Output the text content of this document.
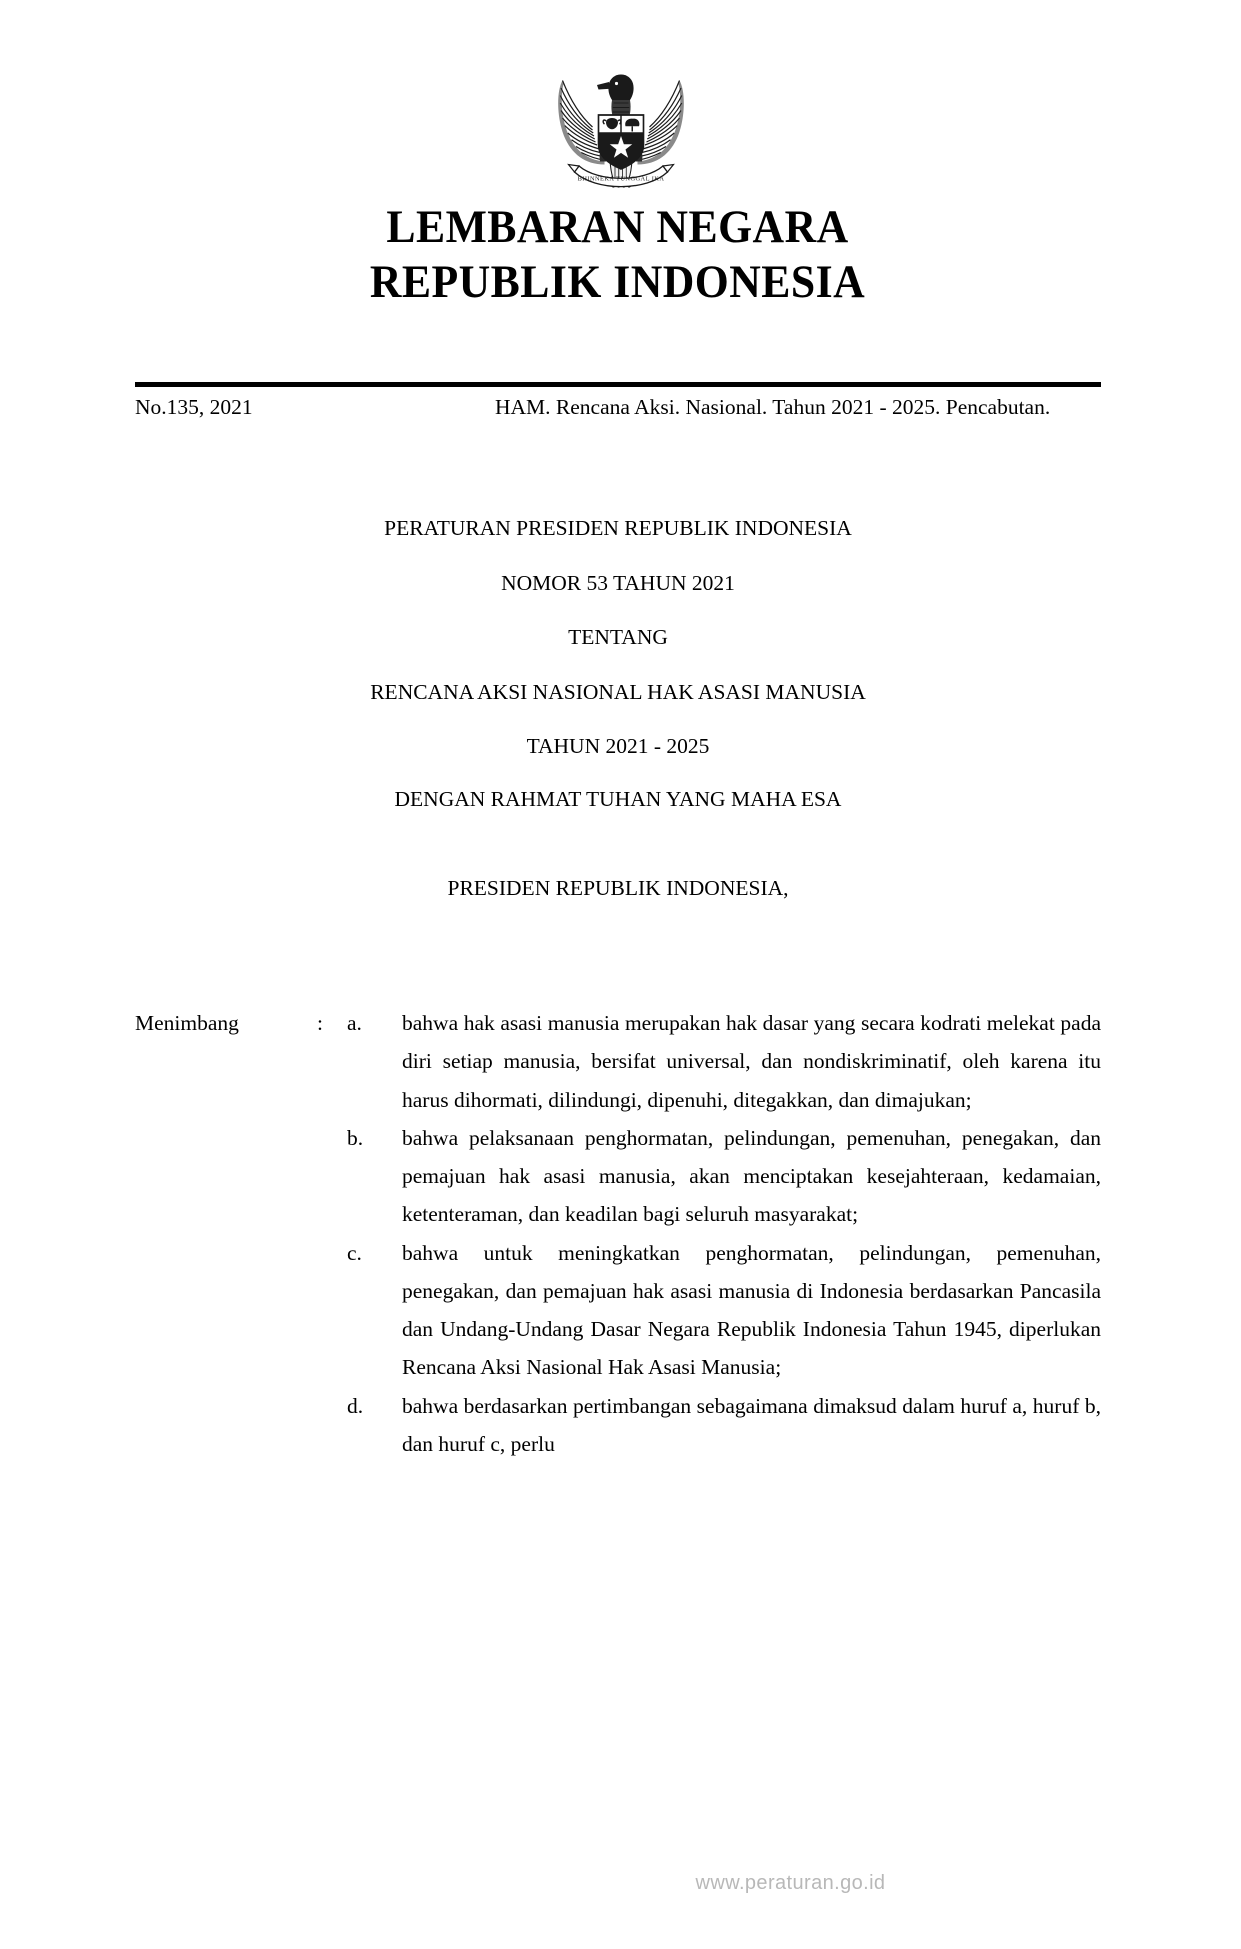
BHINNEKA TUNGGAL IKA
LEMBARAN NEGARA
REPUBLIK INDONESIA
No.135, 2021	HAM. Rencana Aksi. Nasional. Tahun 2021 - 2025. Pencabutan.
PERATURAN PRESIDEN REPUBLIK INDONESIA
NOMOR 53 TAHUN 2021
TENTANG
RENCANA AKSI NASIONAL HAK ASASI MANUSIA
TAHUN 2021 - 2025
DENGAN RAHMAT TUHAN YANG MAHA ESA
PRESIDEN REPUBLIK INDONESIA,
Menimbang	:	a.	bahwa hak asasi manusia merupakan hak dasar yang secara kodrati melekat pada diri setiap manusia, bersifat universal, dan nondiskriminatif, oleh karena itu harus dihormati, dilindungi, dipenuhi, ditegakkan, dan dimajukan;
b.	bahwa pelaksanaan penghormatan, pelindungan, pemenuhan, penegakan, dan pemajuan hak asasi manusia, akan menciptakan kesejahteraan, kedamaian, ketenteraman, dan keadilan bagi seluruh masyarakat;
c.	bahwa untuk meningkatkan penghormatan, pelindungan, pemenuhan, penegakan, dan pemajuan hak asasi manusia di Indonesia berdasarkan Pancasila dan Undang-Undang Dasar Negara Republik Indonesia Tahun 1945, diperlukan Rencana Aksi Nasional Hak Asasi Manusia;
d.	bahwa berdasarkan pertimbangan sebagaimana dimaksud dalam huruf a, huruf b, dan huruf c, perlu
www.peraturan.go.id
